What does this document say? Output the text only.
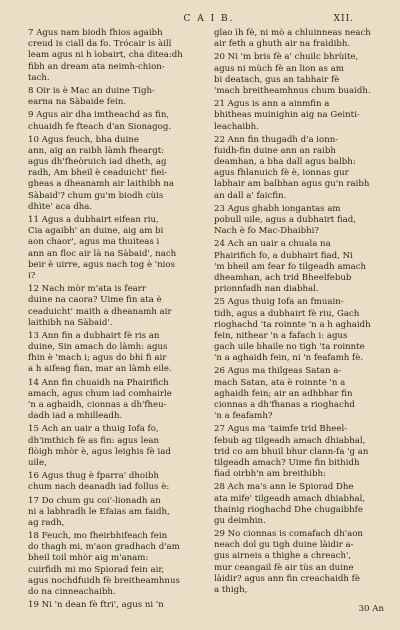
C A I B.	XII.
7 Agus nam biodh fhios agaibh
creud is ciall da fo. Trócair is àill
leam agus ni h ìobairt, cha dìtea:dh
fibh an dream ata neimh-chion-
tach.
8 Oir is è Mac an duine Tigh-
earna na Sàbaide fein.
9 Agus air dha imtheachd as fin,
chuaidh fe fteach d'an Sionagog.
10 Agus feuch, bha duine
ann, aig an raibh làmh fheargt:
agus dh'fheòruich iad dheth, ag
radh, Am bheil è ceaduicht' fiei-
gheas a dheanamh air laithibh na
Sàbaid'? chum gu'm biodh cùis
dhìte' aca dha.
11 Agus a dubhairt eifean riu,
Cia agaibh' an duine, aig am bi
aon chaor', agus ma thuiteas i
ann an floc air là na Sàbaid', nach
beir è uirre, agus nach tog è 'nios
i?
12 Nach mòr m'ata is fearr
duine na caora? Uime fin ata è
ceaduicht' maith a dheanamh air
laithibh na Sàbaid'.
13 Ann fin a dubhairt fè ris an
duine, Sin amach do làmh: agus
fhin è 'mach i; agus do bhì fi air
a h aifeag fian, mar an làmh eile.
14 Ann fin chuaidh na Phairifich
amach, agus chum iad comhairle
'n a aghaidh, cionnas a dh'fheu-
dadh iad a mhilleadh.
15 Ach an uair a thuig Iofa fo,
dh'imthich fè as fin: agus lean
flòigh mhòr è, agus leighis fè iad
uile,
16 Agus thug è fparra' dhoibh
chum nach deanadh iad follus è:
17 Do chum gu coi'-lionadh an
ni a labhradh le Efaias am faidh,
ag radh,
18 Feuch, mo fheirbhifeach fein
do thagh mi, m'aon gradhach d'am
bheil toil mhòr aig m'anam:
cuirfidh mi mo Spiorad fein air,
agus nochdfuidh fè breitheamhnus
do na cinneachaibh.
19 Ni 'n dean fè ftri', agus ni 'n
glao ìh fè, ni mò a chluinneas neach
air feth a ghuth air na fraìdibh.
20 Ni 'm bris fè a' chuilc bhrùite,
agus ni mùch fè an lion as am
bi deatach, gus an tabhair fè
'mach breitheamhnus chum buaidh.
21 Agus is ann a ainmfin a
bhitheas muinighin aig na Geinti-
leachaibh.
22 Ann fin thugadh d'a ionn-
fuidh-fin duine ann an raibh
deamhan, a bha dall agus balbh:
agus fhlanuich fè è, ionnas gur
labhair am balbhan agus gu'n raibh
an dall a' faicfin.
23 Agus ghabh iongantas am
pobull uile, agus a dubhairt fiad,
Nach è fo Mac-Dhaibhi?
24 Ach an uair a chuala na
Phairifich fo, a dubhairt fiad, Ni
'm bheil am fear fo tilgeadh amach
dheamhan, ach trid Bheelfebub
prionnfadh nan diabhal.
25 Agus thuig Iofa an fmuain-
tidh, agus a dubhairt fè riu, Gach
rioghachd 'ta roinnte 'n a h aghaidh
fein, nithear 'n a fafach i: agus
gach uile bhaile no tigh 'ta roinnte
'n a aghaidh fein, ni 'n feafamh fè.
26 Agus ma thilgeas Satan a-
mach Satan, ata è roinnte 'n a
aghaidh fein; air an adhbhar fin
cionnas a dh'fhanas a rioghachd
'n a feafamh?
27 Agus ma 'taimfe trid Bheel-
febub ag tilgeadh amach dhiabhal,
trid co am bhuil bhur clann-fa 'g an
tilgeadh amach? Uime fin bithidh
fiad oirbh'n am breithibh:
28 Ach ma's ann le Spiorad Dhe
ata mife' tilgeadh amach dhiabhal,
thainig rioghachd Dhe chugaibhfe
gu deimhin.
29 No cionnas is comafach dh'aon
neach dol gu tigh duine làidir a-
gus airneis a thighe a chreach',
mur ceangail fè air tùs an duine
làidir? agus ann fin creachaidh fè
a thigh,
30 An
